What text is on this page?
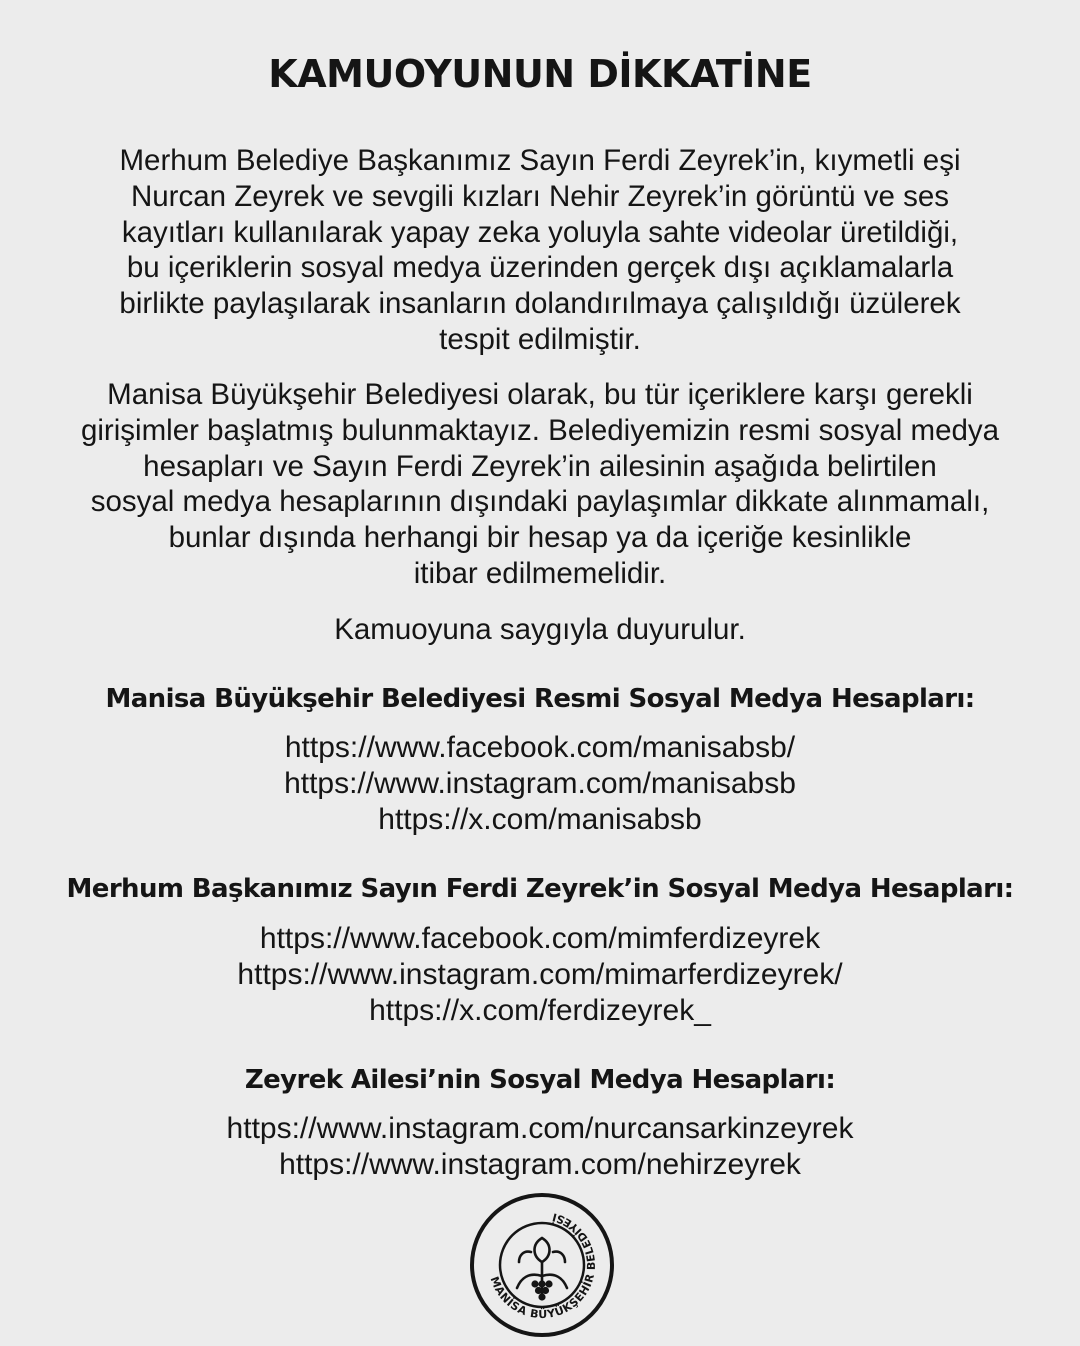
KAMUOYUNUN DİKKATİNE

Merhum Belediye Başkanımız Sayın Ferdi Zeyrek’in, kıymetli eşi
Nurcan Zeyrek ve sevgili kızları Nehir Zeyrek’in görüntü ve ses
kayıtları kullanılarak yapay zeka yoluyla sahte videolar üretildiği,
bu içeriklerin sosyal medya üzerinden gerçek dışı açıklamalarla
birlikte paylaşılarak insanların dolandırılmaya çalışıldığı üzülerek
tespit edilmiştir.

Manisa Büyükşehir Belediyesi olarak, bu tür içeriklere karşı gerekli
girişimler başlatmış bulunmaktayız. Belediyemizin resmi sosyal medya
hesapları ve Sayın Ferdi Zeyrek’in ailesinin aşağıda belirtilen
sosyal medya hesaplarının dışındaki paylaşımlar dikkate alınmamalı,
bunlar dışında herhangi bir hesap ya da içeriğe kesinlikle
itibar edilmemelidir.

Kamuoyuna saygıyla duyurulur.

Manisa Büyükşehir Belediyesi Resmi Sosyal Medya Hesapları:
https://www.facebook.com/manisabsb/
https://www.instagram.com/manisabsb
https://x.com/manisabsb
Merhum Başkanımız Sayın Ferdi Zeyrek’in Sosyal Medya Hesapları:
https://www.facebook.com/mimferdizeyrek
https://www.instagram.com/mimarferdizeyrek/
https://x.com/ferdizeyrek_
Zeyrek Ailesi’nin Sosyal Medya Hesapları:
https://www.instagram.com/nurcansarkinzeyrek
https://www.instagram.com/nehirzeyrek
MANİSA BÜYÜKŞEHİR BELEDİYESİ
